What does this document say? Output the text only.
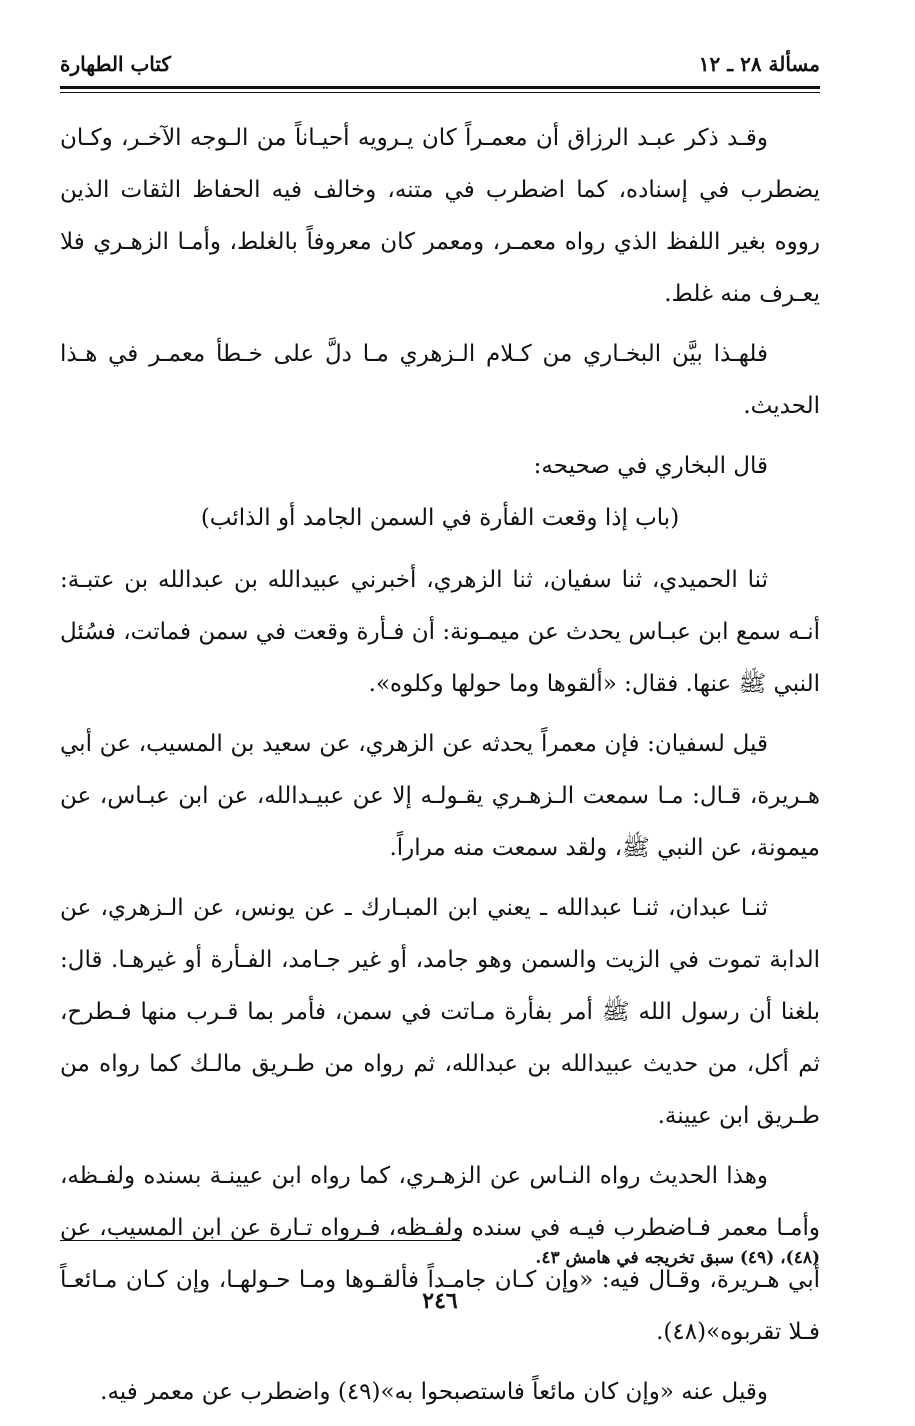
مسألة ٢٨ ـ ١٢
كتاب الطهارة

وقـد ذكر عبـد الرزاق أن معمـراً كان يـرويه أحيـاناً من الـوجه الآخـر، وكـان يضطرب في إسناده، كما اضطرب في متنه، وخالف فيه الحفاظ الثقات الذين رووه بغير اللفظ الذي رواه معمـر، ومعمر كان معروفاً بالغلط، وأمـا الزهـري فلا يعـرف منه غلط.

فلهـذا بيَّن البخـاري من كـلام الـزهري مـا دلَّ على خـطأ معمـر في هـذا الحديث.

قال البخاري في صحيحه:

(باب إذا وقعت الفأرة في السمن الجامد أو الذائب)

ثنا الحميدي، ثنا سفيان، ثنا الزهري، أخبرني عبيدالله بن عبدالله بن عتبـة: أنـه سمع ابن عبـاس يحدث عن ميمـونة: أن فـأرة وقعت في سمن فماتت، فسُئل النبي ﷺ عنها. فقال: «ألقوها وما حولها وكلوه».

قيل لسفيان: فإن معمراً يحدثه عن الزهري، عن سعيد بن المسيب، عن أبي هـريرة، قـال: مـا سمعت الـزهـري يقـولـه إلا عن عبيـدالله، عن ابن عبـاس، عن ميمونة، عن النبي ﷺ، ولقد سمعت منه مراراً.

ثنـا عبدان، ثنـا عبدالله ـ يعني ابن المبـارك ـ عن يونس، عن الـزهري، عن الدابة تموت في الزيت والسمن وهو جامد، أو غير جـامد، الفـأرة أو غيرهـا. قال: بلغنا أن رسول الله ﷺ أمر بفأرة مـاتت في سمن، فأمر بما قـرب منها فـطرح، ثم أكل، من حديث عبيدالله بن عبدالله، ثم رواه من طـريق مالـك كما رواه من طـريق ابن عيينة.

وهذا الحديث رواه النـاس عن الزهـري، كما رواه ابن عيينـة بسنده ولفـظه، وأمـا معمر فـاضطرب فيـه في سنده ولفـظه، فـرواه تـارة عن ابن المسيب، عن أبي هـريرة، وقـال فيه: «وإن كـان جامـداً فألقـوها ومـا حـولهـا، وإن كـان مـائعـاً فـلا تقربوه»(٤٨).

وقيل عنه «وإن كان مائعاً فاستصبحوا به»(٤٩) واضطرب عن معمر فيه.

(٤٨)، (٤٩) سبق تخريجه في هامش ٤٣.
٢٤٦
